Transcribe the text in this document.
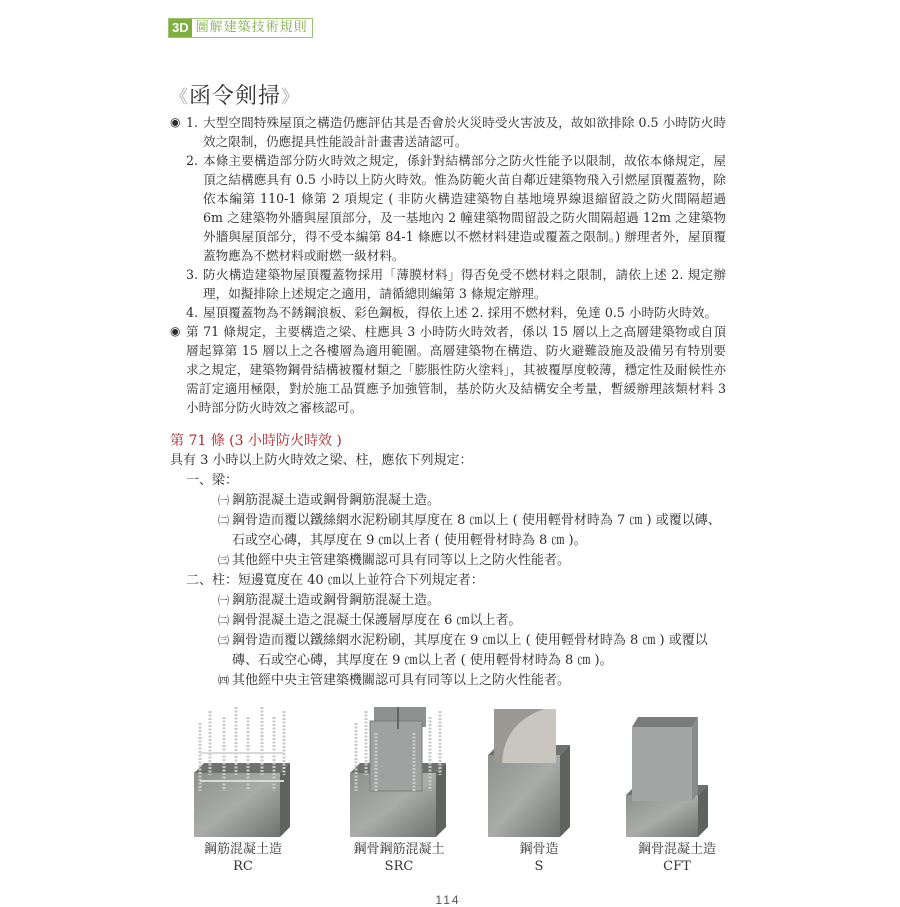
3D 圖解建築技術規則
《函令剣掃》
◉ 1. 大型空間特殊屋頂之構造仍應評估其是否會於火災時受火害波及，故如欲排除 0.5 小時防火時效之限制，仍應提具性能設計計畫書送請認可。
2. 本條主要構造部分防火時效之規定，係針對結構部分之防火性能予以限制，故依本條規定，屋頂之結構應具有 0.5 小時以上防火時效。惟為防範火苗自鄰近建築物飛入引燃屋頂覆蓋物，除依本編第 110-1 條第 2 項規定 ( 非防火構造建築物自基地境界線退縮留設之防火間隔超過 6m 之建築物外牆與屋頂部分，及一基地內 2 幢建築物間留設之防火間隔超過 12m 之建築物外牆與屋頂部分，得不受本編第 84-1 條應以不燃材料建造或覆蓋之限制。) 辦理者外，屋頂覆蓋物應為不燃材料或耐燃一級材料。
3. 防火構造建築物屋頂覆蓋物採用「薄膜材料」得否免受不燃材料之限制，請依上述 2. 規定辦理，如擬排除上述規定之適用，請循總則編第 3 條規定辦理。
4. 屋頂覆蓋物為不銹鋼浪板、彩色鋼板，得依上述 2. 採用不燃材料，免達 0.5 小時防火時效。
◉ 第 71 條規定，主要構造之梁、柱應具 3 小時防火時效者，係以 15 層以上之高層建築物或自頂層起算第 15 層以上之各樓層為適用範圍。高層建築物在構造、防火避難設施及設備另有特別要求之規定，建築物鋼骨結構被覆材類之「膨脹性防火塗料」，其被覆厚度較薄，穩定性及耐候性亦需訂定適用極限，對於施工品質應予加強管制，基於防火及結構安全考量，暫緩辦理該類材料 3 小時部分防火時效之審核認可。
第 71 條 (3 小時防火時效 )
具有 3 小時以上防火時效之梁、柱，應依下列規定：
一、梁：
㈠ 鋼筋混凝土造或鋼骨鋼筋混凝土造。
㈡ 鋼骨造而覆以鐵絲網水泥粉刷其厚度在 8 ㎝以上 ( 使用輕骨材時為 7 ㎝ ) 或覆以磚、石或空心磚，其厚度在 9 ㎝以上者 ( 使用輕骨材時為 8 ㎝ )。
㈢ 其他經中央主管建築機關認可具有同等以上之防火性能者。
二、柱：短邊寬度在 40 ㎝以上並符合下列規定者：
㈠ 鋼筋混凝土造或鋼骨鋼筋混凝土造。
㈡ 鋼骨混凝土造之混凝土保護層厚度在 6 ㎝以上者。
㈢ 鋼骨造而覆以鐵絲網水泥粉刷，其厚度在 9 ㎝以上 ( 使用輕骨材時為 8 ㎝ ) 或覆以磚、石或空心磚，其厚度在 9 ㎝以上者 ( 使用輕骨材時為 8 ㎝ )。
㈣ 其他經中央主管建築機關認可具有同等以上之防火性能者。
鋼筋混凝土造
RC
鋼骨鋼筋混凝土
SRC
鋼骨造
S
鋼骨混凝土造
CFT
114
